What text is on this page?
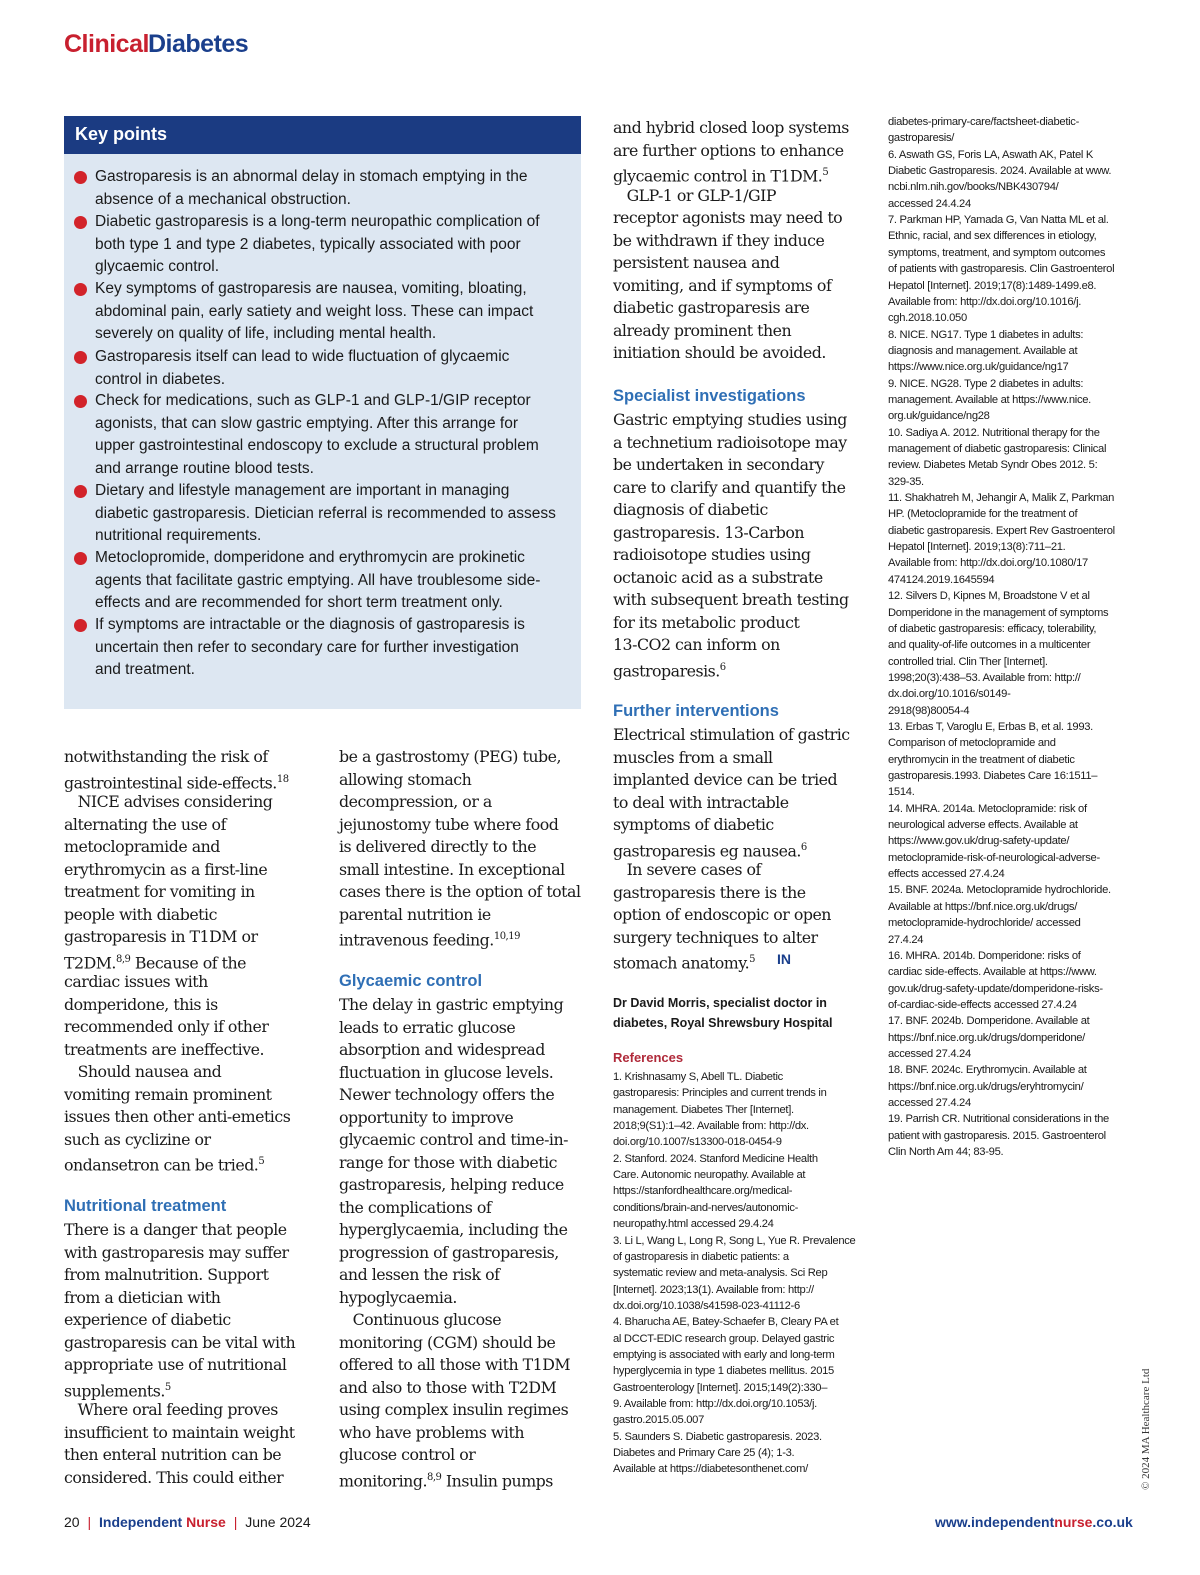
Clinical Diabetes
Key points
Gastroparesis is an abnormal delay in stomach emptying in the
absence of a mechanical obstruction.
Diabetic gastroparesis is a long-term neuropathic complication of
both type 1 and type 2 diabetes, typically associated with poor
glycaemic control.
Key symptoms of gastroparesis are nausea, vomiting, bloating,
abdominal pain, early satiety and weight loss. These can impact
severely on quality of life, including mental health.
Gastroparesis itself can lead to wide fluctuation of glycaemic
control in diabetes.
Check for medications, such as GLP-1 and GLP-1/GIP receptor
agonists, that can slow gastric emptying. After this arrange for
upper gastrointestinal endoscopy to exclude a structural problem
and arrange routine blood tests.
Dietary and lifestyle management are important in managing
diabetic gastroparesis. Dietician referral is recommended to assess
nutritional requirements.
Metoclopromide, domperidone and erythromycin are prokinetic
agents that facilitate gastric emptying. All have troublesome side-
effects and are recommended for short term treatment only.
If symptoms are intractable or the diagnosis of gastroparesis is
uncertain then refer to secondary care for further investigation
and treatment.
notwithstanding the risk of
gastrointestinal side-effects.$^{18}$
NICE advises considering
alternating the use of
metoclopramide and
erythromycin as a first-line
treatment for vomiting in
people with diabetic
gastroparesis in T1DM or
T2DM.$^{8,9}$ Because of the
cardiac issues with
domperidone, this is
recommended only if other
treatments are ineffective.
Should nausea and
vomiting remain prominent
issues then other anti-emetics
such as cyclizine or
ondansetron can be tried.$^5$
Nutritional treatment
There is a danger that people
with gastroparesis may suffer
from malnutrition. Support
from a dietician with
experience of diabetic
gastroparesis can be vital with
appropriate use of nutritional
supplements.$^5$
Where oral feeding proves
insufficient to maintain weight
then enteral nutrition can be
considered. This could either
be a gastrostomy (PEG) tube,
allowing stomach
decompression, or a
jejunostomy tube where food
is delivered directly to the
small intestine. In exceptional
cases there is the option of total
parental nutrition ie
intravenous feeding.$^{10,19}$
Glycaemic control
The delay in gastric emptying
leads to erratic glucose
absorption and widespread
fluctuation in glucose levels.
Newer technology offers the
opportunity to improve
glycaemic control and time-in-
range for those with diabetic
gastroparesis, helping reduce
the complications of
hyperglycaemia, including the
progression of gastroparesis,
and lessen the risk of
hypoglycaemia.
Continuous glucose
monitoring (CGM) should be
offered to all those with T1DM
and also to those with T2DM
using complex insulin regimes
who have problems with
glucose control or
monitoring.$^{8,9}$ Insulin pumps
and hybrid closed loop systems
are further options to enhance
glycaemic control in T1DM.$^5$
GLP-1 or GLP-1/GIP
receptor agonists may need to
be withdrawn if they induce
persistent nausea and
vomiting, and if symptoms of
diabetic gastroparesis are
already prominent then
initiation should be avoided.
Specialist investigations
Gastric emptying studies using
a technetium radioisotope may
be undertaken in secondary
care to clarify and quantify the
diagnosis of diabetic
gastroparesis. 13-Carbon
radioisotope studies using
octanoic acid as a substrate
with subsequent breath testing
for its metabolic product
13-CO2 can inform on
gastroparesis.$^6$
Further interventions
Electrical stimulation of gastric
muscles from a small
implanted device can be tried
to deal with intractable
symptoms of diabetic
gastroparesis eg nausea.$^6$
In severe cases of
gastroparesis there is the
option of endoscopic or open
surgery techniques to alter
stomach anatomy.$^5$ IN
Dr David Morris, specialist doctor in
diabetes, Royal Shrewsbury Hospital
References
1. Krishnasamy S, Abell TL. Diabetic
gastroparesis: Principles and current trends in
management. Diabetes Ther [Internet].
2018;9(S1):1–42. Available from: http://dx.
doi.org/10.1007/s13300-018-0454-9
2. Stanford. 2024. Stanford Medicine Health
Care. Autonomic neuropathy. Available at
https://stanfordhealthcare.org/medical-
conditions/brain-and-nerves/autonomic-
neuropathy.html accessed 29.4.24
3. Li L, Wang L, Long R, Song L, Yue R. Prevalence
of gastroparesis in diabetic patients: a
systematic review and meta-analysis. Sci Rep
[Internet]. 2023;13(1). Available from: http://
dx.doi.org/10.1038/s41598-023-41112-6
4. Bharucha AE, Batey-Schaefer B, Cleary PA et
al DCCT-EDIC research group. Delayed gastric
emptying is associated with early and long-term
hyperglycemia in type 1 diabetes mellitus. 2015
Gastroenterology [Internet]. 2015;149(2):330–
9. Available from: http://dx.doi.org/10.1053/j.
gastro.2015.05.007
5. Saunders S. Diabetic gastroparesis. 2023.
Diabetes and Primary Care 25 (4); 1-3.
Available at https://diabetesonthenet.com/
diabetes-primary-care/factsheet-diabetic-
gastroparesis/
6. Aswath GS, Foris LA, Aswath AK, Patel K
Diabetic Gastroparesis. 2024. Available at www.
ncbi.nlm.nih.gov/books/NBK430794/
accessed 24.4.24
7. Parkman HP, Yamada G, Van Natta ML et al.
Ethnic, racial, and sex differences in etiology,
symptoms, treatment, and symptom outcomes
of patients with gastroparesis. Clin Gastroenterol
Hepatol [Internet]. 2019;17(8):1489-1499.e8.
Available from: http://dx.doi.org/10.1016/j.
cgh.2018.10.050
8. NICE. NG17. Type 1 diabetes in adults:
diagnosis and management. Available at
https://www.nice.org.uk/guidance/ng17
9. NICE. NG28. Type 2 diabetes in adults:
management. Available at https://www.nice.
org.uk/guidance/ng28
10. Sadiya A. 2012. Nutritional therapy for the
management of diabetic gastroparesis: Clinical
review. Diabetes Metab Syndr Obes 2012. 5:
329-35.
11. Shakhatreh M, Jehangir A, Malik Z, Parkman
HP. (Metoclopramide for the treatment of
diabetic gastroparesis. Expert Rev Gastroenterol
Hepatol [Internet]. 2019;13(8):711–21.
Available from: http://dx.doi.org/10.1080/17
474124.2019.1645594
12. Silvers D, Kipnes M, Broadstone V et al
Domperidone in the management of symptoms
of diabetic gastroparesis: efficacy, tolerability,
and quality-of-life outcomes in a multicenter
controlled trial. Clin Ther [Internet].
1998;20(3):438–53. Available from: http://
dx.doi.org/10.1016/s0149-
2918(98)80054-4
13. Erbas T, Varoglu E, Erbas B, et al. 1993.
Comparison of metoclopramide and
erythromycin in the treatment of diabetic
gastroparesis.1993. Diabetes Care 16:1511–
1514.
14. MHRA. 2014a. Metoclopramide: risk of
neurological adverse effects. Available at
https://www.gov.uk/drug-safety-update/
metoclopramide-risk-of-neurological-adverse-
effects accessed 27.4.24
15. BNF. 2024a. Metoclopramide hydrochloride.
Available at https://bnf.nice.org.uk/drugs/
metoclopramide-hydrochloride/ accessed
27.4.24
16. MHRA. 2014b. Domperidone: risks of
cardiac side-effects. Available at https://www.
gov.uk/drug-safety-update/domperidone-risks-
of-cardiac-side-effects accessed 27.4.24
17. BNF. 2024b. Domperidone. Available at
https://bnf.nice.org.uk/drugs/domperidone/
accessed 27.4.24
18. BNF. 2024c. Erythromycin. Available at
https://bnf.nice.org.uk/drugs/eryhtromycin/
accessed 27.4.24
19. Parrish CR. Nutritional considerations in the
patient with gastroparesis. 2015. Gastroenterol
Clin North Am 44; 83-95.
20 | Independent Nurse | June 2024	www.independentnurse.co.uk
© 2024 MA Healthcare Ltd
